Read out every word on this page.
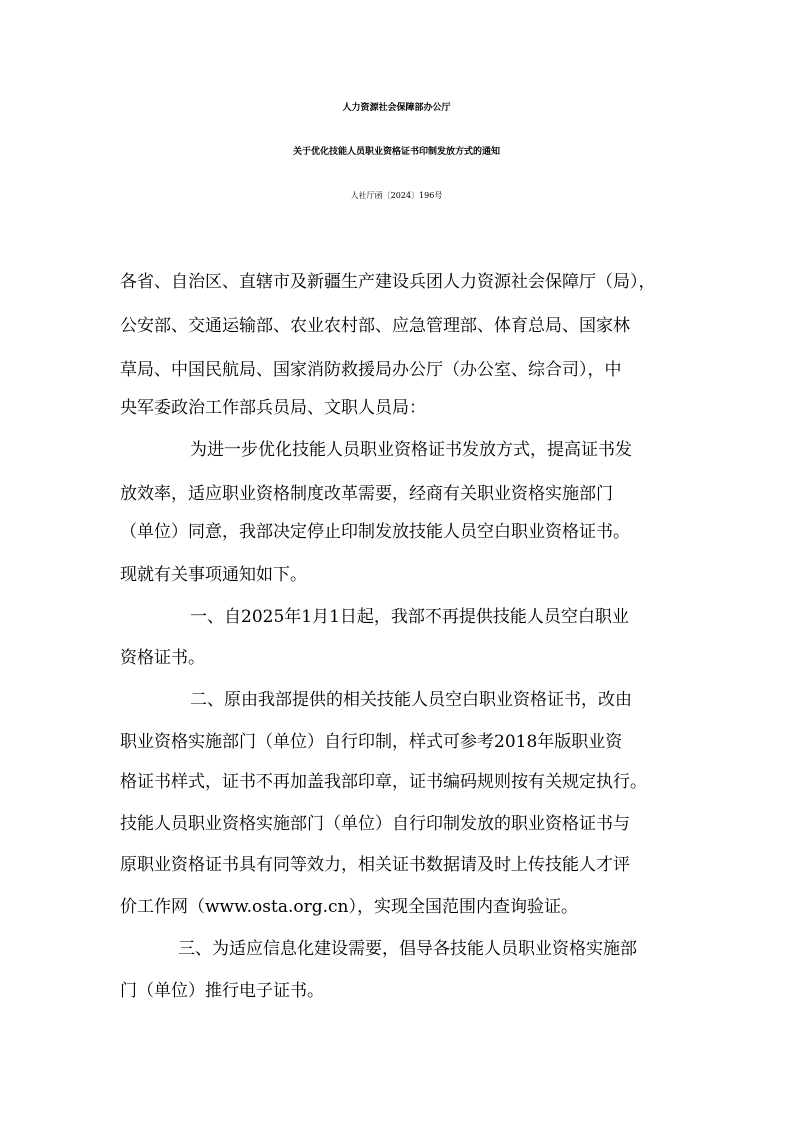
人力资源社会保障部办公厅
关于优化技能人员职业资格证书印制发放方式的通知
人社厅函〔2024〕196号
各省、自治区、直辖市及新疆生产建设兵团人力资源社会保障厅（局），
公安部、交通运输部、农业农村部、应急管理部、体育总局、国家林
草局、中国民航局、国家消防救援局办公厅（办公室、综合司），中
央军委政治工作部兵员局、文职人员局：
为进一步优化技能人员职业资格证书发放方式，提高证书发
放效率，适应职业资格制度改革需要，经商有关职业资格实施部门
（单位）同意，我部决定停止印制发放技能人员空白职业资格证书。
现就有关事项通知如下。
一、自2025年1月1日起，我部不再提供技能人员空白职业
资格证书。
二、原由我部提供的相关技能人员空白职业资格证书，改由
职业资格实施部门（单位）自行印制，样式可参考2018年版职业资
格证书样式，证书不再加盖我部印章，证书编码规则按有关规定执行。
技能人员职业资格实施部门（单位）自行印制发放的职业资格证书与
原职业资格证书具有同等效力，相关证书数据请及时上传技能人才评
价工作网（www.osta.org.cn），实现全国范围内查询验证。
三、为适应信息化建设需要，倡导各技能人员职业资格实施部
门（单位）推行电子证书。
